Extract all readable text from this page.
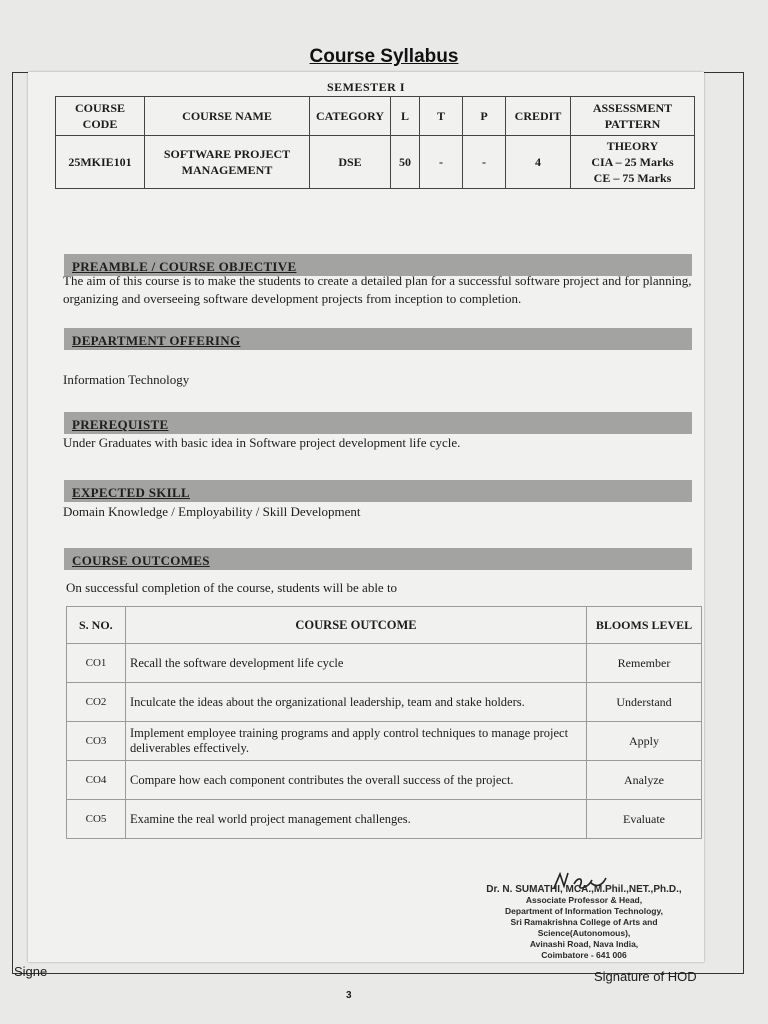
Course Syllabus
Signe	Signature of HOD
3
SEMESTER I
COURSE CODE	COURSE NAME	CATEGORY	L	T	P	CREDIT	ASSESSMENT PATTERN
25MKIE101	SOFTWARE PROJECT MANAGEMENT	DSE	50	-	-	4	THEORY
CIA – 25 Marks
CE – 75 Marks
PREAMBLE / COURSE OBJECTIVE
The aim of this course is to make the students to create a detailed plan for a successful software project and for planning, organizing and overseeing software development projects from inception to completion.
DEPARTMENT OFFERING
Information Technology
PREREQUISTE
Under Graduates with basic idea in Software project development life cycle.
EXPECTED SKILL
Domain Knowledge / Employability / Skill Development
COURSE OUTCOMES
On successful completion of the course, students will be able to
S. NO.	COURSE OUTCOME	BLOOMS LEVEL
CO1	Recall the software development life cycle	Remember
CO2	Inculcate the ideas about the organizational leadership, team and stake holders.	Understand
CO3	Implement employee training programs and apply control techniques to manage project deliverables effectively.	Apply
CO4	Compare how each component contributes the overall success of the project.	Analyze
CO5	Examine the real world project management challenges.	Evaluate
Dr. N. SUMATHI, MCA.,M.Phil.,NET.,Ph.D.,
Associate Professor & Head,
Department of Information Technology,
Sri Ramakrishna College of Arts and Science(Autonomous),
Avinashi Road, Nava India,
Coimbatore - 641 006
